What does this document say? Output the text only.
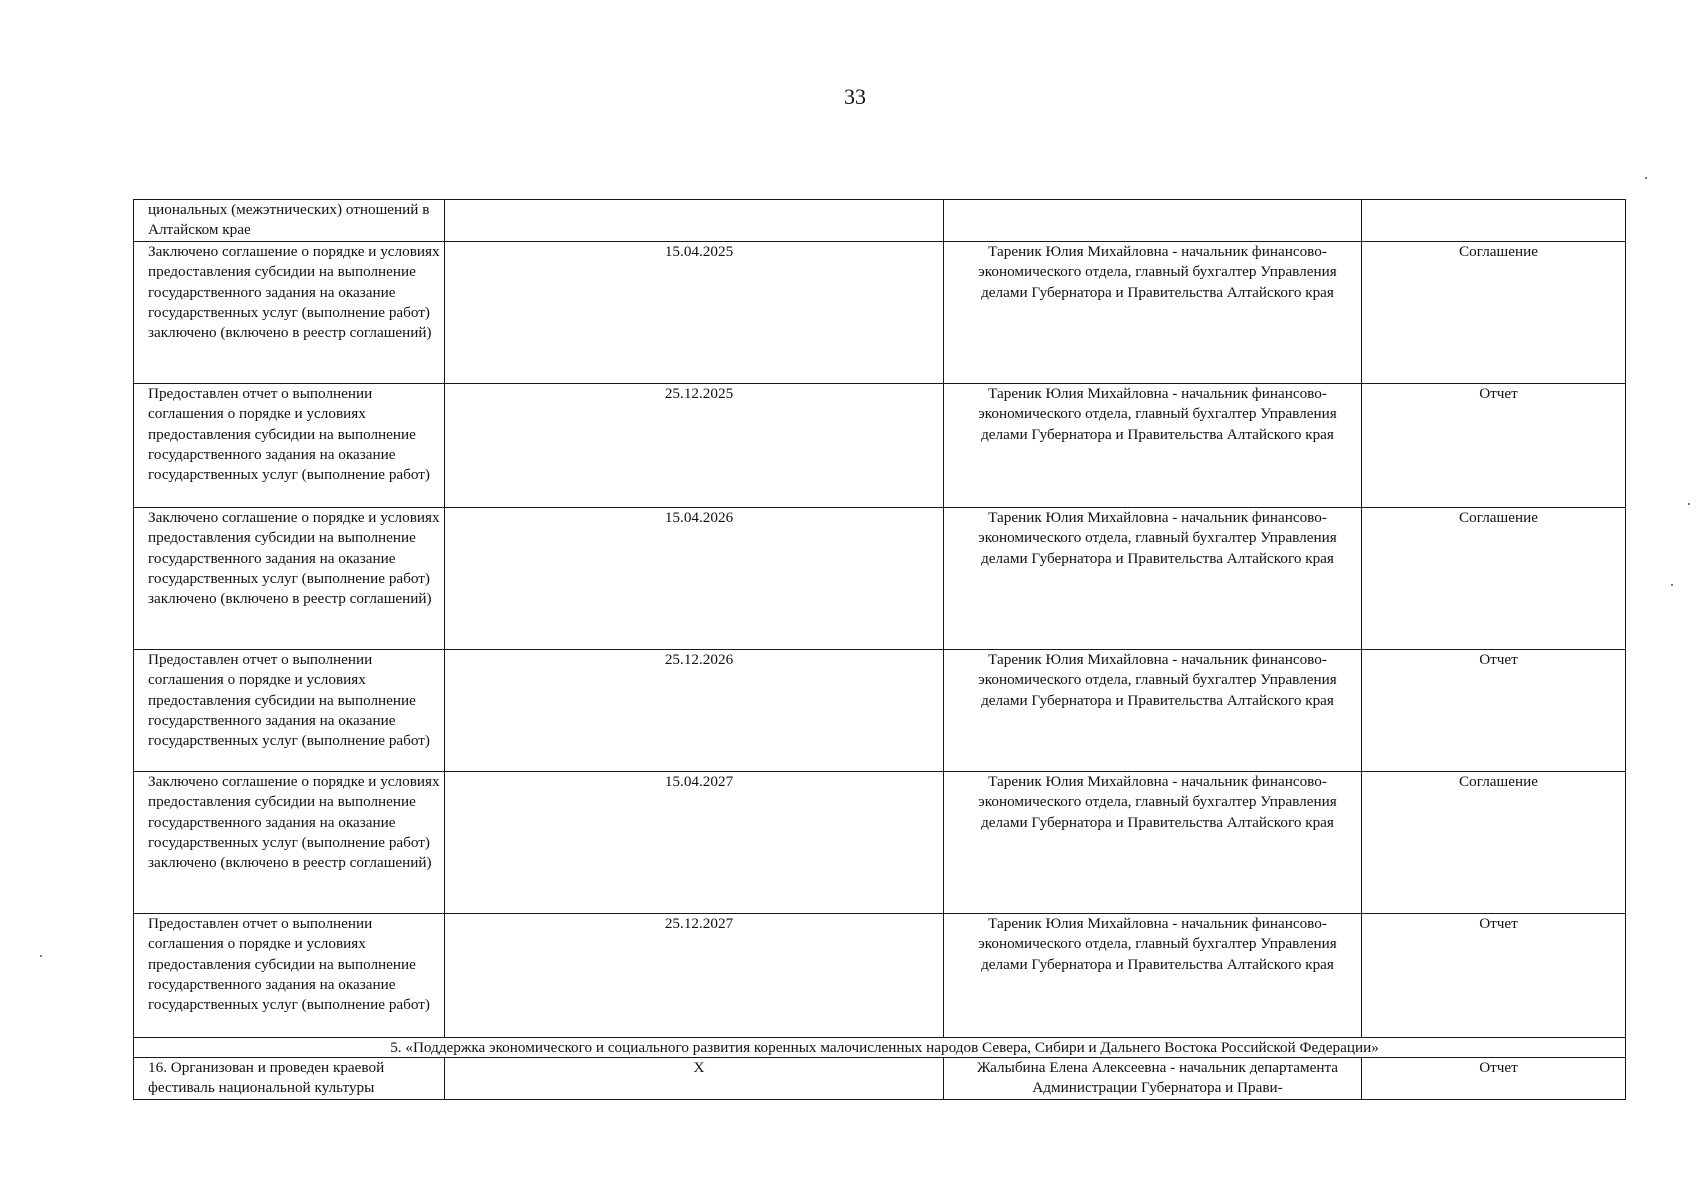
33
циональных (межэтнических) отношений в Алтайском крае			
Заключено соглашение о порядке и условиях предоставления субсидии на выполнение государственного задания на оказание государственных услуг (выполнение работ) заключено (включено в реестр соглашений)	15.04.2025	Тареник Юлия Михайловна - начальник финансово-экономического отдела, главный бухгалтер Управления делами Губернатора и Правительства Алтайского края	Соглашение
Предоставлен отчет о выполнении соглашения о порядке и условиях предоставления субсидии на выполнение государственного задания на оказание государственных услуг (выполнение работ)	25.12.2025	Тареник Юлия Михайловна - начальник финансово-экономического отдела, главный бухгалтер Управления делами Губернатора и Правительства Алтайского края	Отчет
Заключено соглашение о порядке и условиях предоставления субсидии на выполнение государственного задания на оказание государственных услуг (выполнение работ) заключено (включено в реестр соглашений)	15.04.2026	Тареник Юлия Михайловна - начальник финансово-экономического отдела, главный бухгалтер Управления делами Губернатора и Правительства Алтайского края	Соглашение
Предоставлен отчет о выполнении соглашения о порядке и условиях предоставления субсидии на выполнение государственного задания на оказание государственных услуг (выполнение работ)	25.12.2026	Тареник Юлия Михайловна - начальник финансово-экономического отдела, главный бухгалтер Управления делами Губернатора и Правительства Алтайского края	Отчет
Заключено соглашение о порядке и условиях предоставления субсидии на выполнение государственного задания на оказание государственных услуг (выполнение работ) заключено (включено в реестр соглашений)	15.04.2027	Тареник Юлия Михайловна - начальник финансово-экономического отдела, главный бухгалтер Управления делами Губернатора и Правительства Алтайского края	Соглашение
Предоставлен отчет о выполнении соглашения о порядке и условиях предоставления субсидии на выполнение государственного задания на оказание государственных услуг (выполнение работ)	25.12.2027	Тареник Юлия Михайловна - начальник финансово-экономического отдела, главный бухгалтер Управления делами Губернатора и Правительства Алтайского края	Отчет
5. «Поддержка экономического и социального развития коренных малочисленных народов Севера, Сибири и Дальнего Востока Российской Федерации»			
16. Организован и проведен краевой фестиваль национальной культуры	X	Жалыбина Елена Алексеевна - начальник департамента Администрации Губернатора и Прави-	Отчет
